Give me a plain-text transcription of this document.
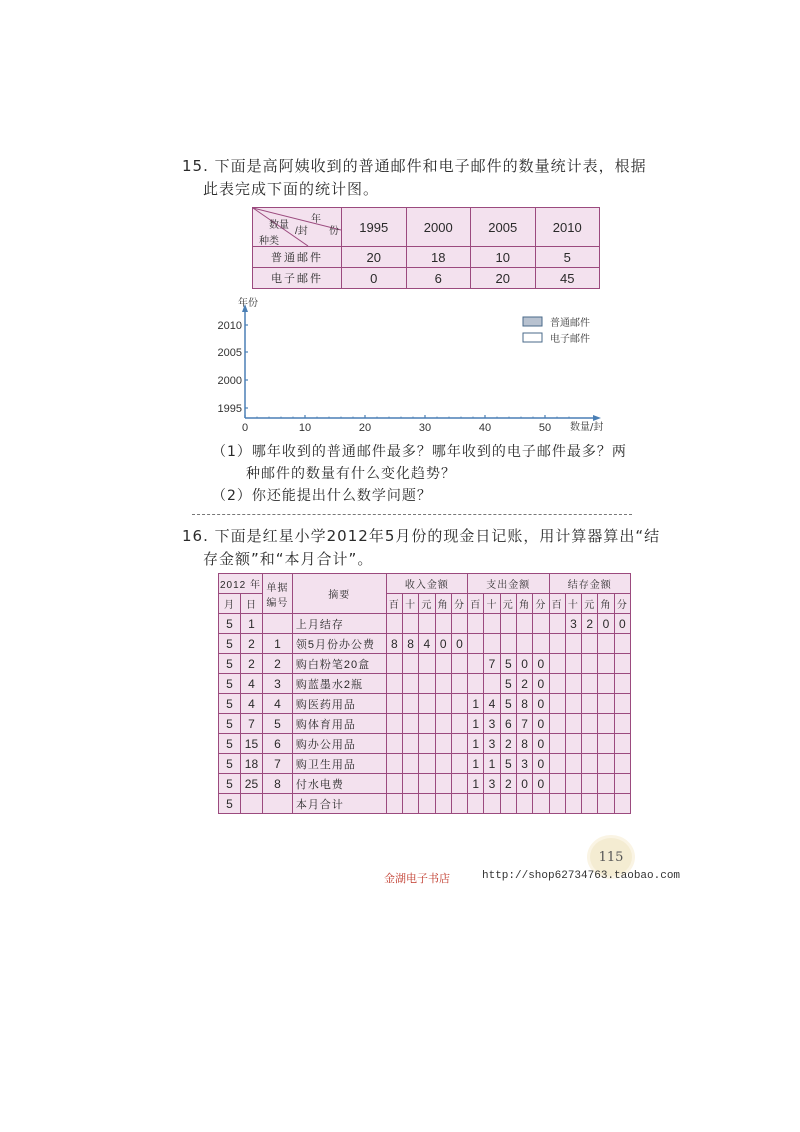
15. 下面是高阿姨收到的普通邮件和电子邮件的数量统计表，根据
此表完成下面的统计图。
年
份
数量
/封
种类	1995	2000	2005	2010
普通邮件	20	18	10	5
电子邮件	0	6	20	45
0	10	20	30	40	50
1995
2000
2005
2010
年份
数量/封
普通邮件
电子邮件
（1）哪年收到的普通邮件最多？哪年收到的电子邮件最多？两
种邮件的数量有什么变化趋势？
（2）你还能提出什么数学问题？
16. 下面是红星小学2012年5月份的现金日记账，用计算器算出“结
存金额”和“本月合计”。
2012 年		单据编号	摘要	收入金额					支出金额					结存金额				
月	日			百	十	元	角	分	百	十	元	角	分	百	十	元	角	分
5	1		上月结存												3	2	0	0
5	2	1	领5月份办公费	8	8	4	0	0										
5	2	2	购白粉笔20盒							7	5	0	0					
5	4	3	购蓝墨水2瓶								5	2	0					
5	4	4	购医药用品						1	4	5	8	0					
5	7	5	购体育用品						1	3	6	7	0					
5	15	6	购办公用品						1	3	2	8	0					
5	18	7	购卫生用品						1	1	5	3	0					
5	25	8	付水电费						1	3	2	0	0					
5			本月合计															
115
金湖电子书店	http://shop62734763.taobao.com
